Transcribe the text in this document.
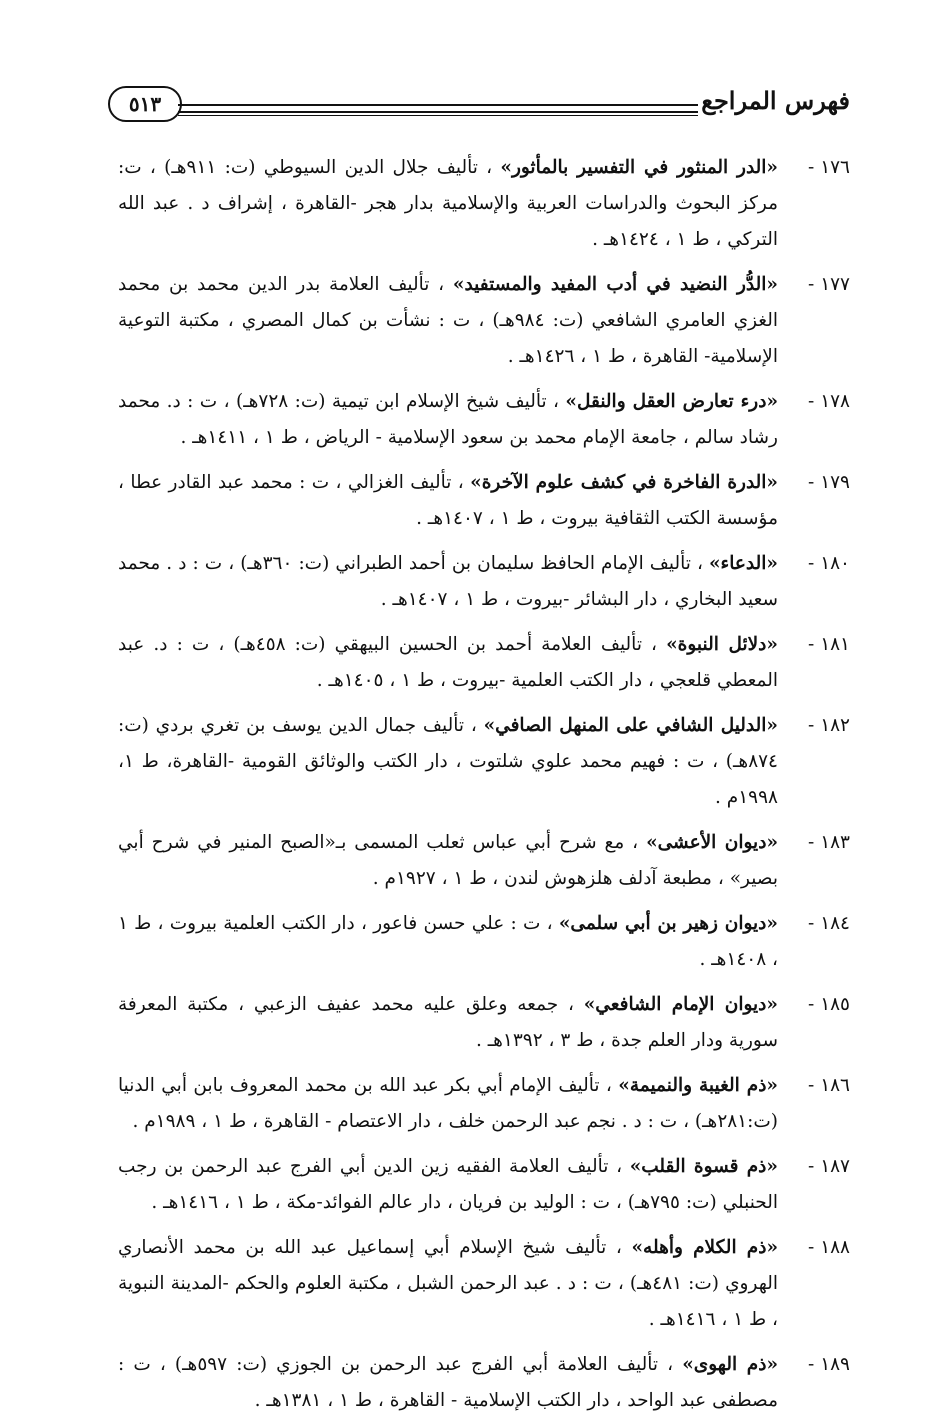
فهرس المراجع
٥١٣
١٧٦ -
«الدر المنثور في التفسير بالمأثور» ، تأليف جلال الدين السيوطي (ت: ٩١١هـ) ، ت: مركز البحوث والدراسات العربية والإسلامية بدار هجر -القاهرة ، إشراف د . عبد الله التركي ، ط ١ ، ١٤٢٤هـ .
١٧٧ -
«الدُّر النضيد في أدب المفيد والمستفيد» ، تأليف العلامة بدر الدين محمد بن محمد الغزي العامري الشافعي (ت: ٩٨٤هـ) ، ت : نشأت بن كمال المصري ، مكتبة التوعية الإسلامية- القاهرة ، ط ١ ، ١٤٢٦هـ .
١٧٨ -
«درء تعارض العقل والنقل» ، تأليف شيخ الإسلام ابن تيمية (ت: ٧٢٨هـ) ، ت : د. محمد رشاد سالم ، جامعة الإمام محمد بن سعود الإسلامية - الرياض ، ط ١ ، ١٤١١هـ .
١٧٩ -
«الدرة الفاخرة في كشف علوم الآخرة» ، تأليف الغزالي ، ت : محمد عبد القادر عطا ، مؤسسة الكتب الثقافية بيروت ، ط ١ ، ١٤٠٧هـ .
١٨٠ -
«الدعاء» ، تأليف الإمام الحافظ سليمان بن أحمد الطبراني (ت: ٣٦٠هـ) ، ت : د . محمد سعيد البخاري ، دار البشائر -بيروت ، ط ١ ، ١٤٠٧هـ .
١٨١ -
«دلائل النبوة» ، تأليف العلامة أحمد بن الحسين البيهقي (ت: ٤٥٨هـ) ، ت : د. عبد المعطي قلعجي ، دار الكتب العلمية -بيروت ، ط ١ ، ١٤٠٥هـ .
١٨٢ -
«الدليل الشافي على المنهل الصافي» ، تأليف جمال الدين يوسف بن تغري بردي (ت: ٨٧٤هـ) ، ت : فهيم محمد علوي شلتوت ، دار الكتب والوثائق القومية -القاهرة، ط ١، ١٩٩٨م .
١٨٣ -
«ديوان الأعشى» ، مع شرح أبي عباس ثعلب المسمى بـ«الصبح المنير في شرح أبي بصير» ، مطبعة آدلف هلزهوش لندن ، ط ١ ، ١٩٢٧م .
١٨٤ -
«ديوان زهير بن أبي سلمى» ، ت : علي حسن فاعور ، دار الكتب العلمية بيروت ، ط ١ ، ١٤٠٨هـ .
١٨٥ -
«ديوان الإمام الشافعي» ، جمعه وعلق عليه محمد عفيف الزعبي ، مكتبة المعرفة سورية ودار العلم جدة ، ط ٣ ، ١٣٩٢هـ .
١٨٦ -
«ذم الغيبة والنميمة» ، تأليف الإمام أبي بكر عبد الله بن محمد المعروف بابن أبي الدنيا (ت:٢٨١هـ) ، ت : د . نجم عبد الرحمن خلف ، دار الاعتصام - القاهرة ، ط ١ ، ١٩٨٩م .
١٨٧ -
«ذم قسوة القلب» ، تأليف العلامة الفقيه زين الدين أبي الفرج عبد الرحمن بن رجب الحنبلي (ت: ٧٩٥هـ) ، ت : الوليد بن فريان ، دار عالم الفوائد-مكة ، ط ١ ، ١٤١٦هـ .
١٨٨ -
«ذم الكلام وأهله» ، تأليف شيخ الإسلام أبي إسماعيل عبد الله بن محمد الأنصاري الهروي (ت: ٤٨١هـ) ، ت : د . عبد الرحمن الشبل ، مكتبة العلوم والحكم -المدينة النبوية ، ط ١ ، ١٤١٦هـ .
١٨٩ -
«ذم الهوى» ، تأليف العلامة أبي الفرج عبد الرحمن بن الجوزي (ت: ٥٩٧هـ) ، ت : مصطفى عبد الواحد ، دار الكتب الإسلامية - القاهرة ، ط ١ ، ١٣٨١هـ .
